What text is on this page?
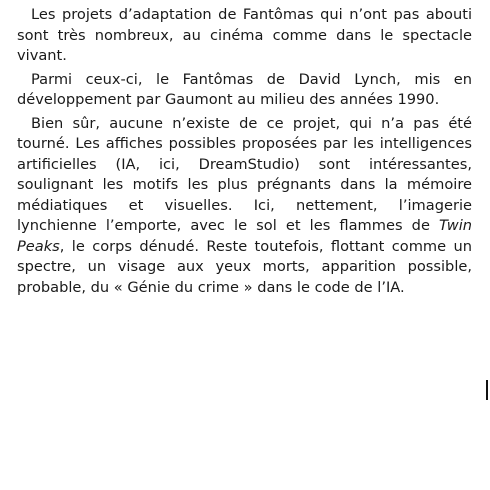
Les projets d’adaptation de Fantômas qui n’ont pas abouti sont très nombreux, au cinéma comme dans le spectacle vivant.

Parmi ceux-ci, le Fantômas de David Lynch, mis en développement par Gaumont au milieu des années 1990.

Bien sûr, aucune n’existe de ce projet, qui n’a pas été tourné. Les affiches possibles proposées par les intelligences artificielles (IA, ici, DreamStudio) sont intéressantes, soulignant les motifs les plus prégnants dans la mémoire médiatiques et visuelles. Ici, nettement, l’imagerie lynchienne l’emporte, avec le sol et les flammes de Twin Peaks, le corps dénudé. Reste toutefois, flottant comme un spectre, un visage aux yeux morts, apparition possible, probable, du « Génie du crime » dans le code de l’IA.
